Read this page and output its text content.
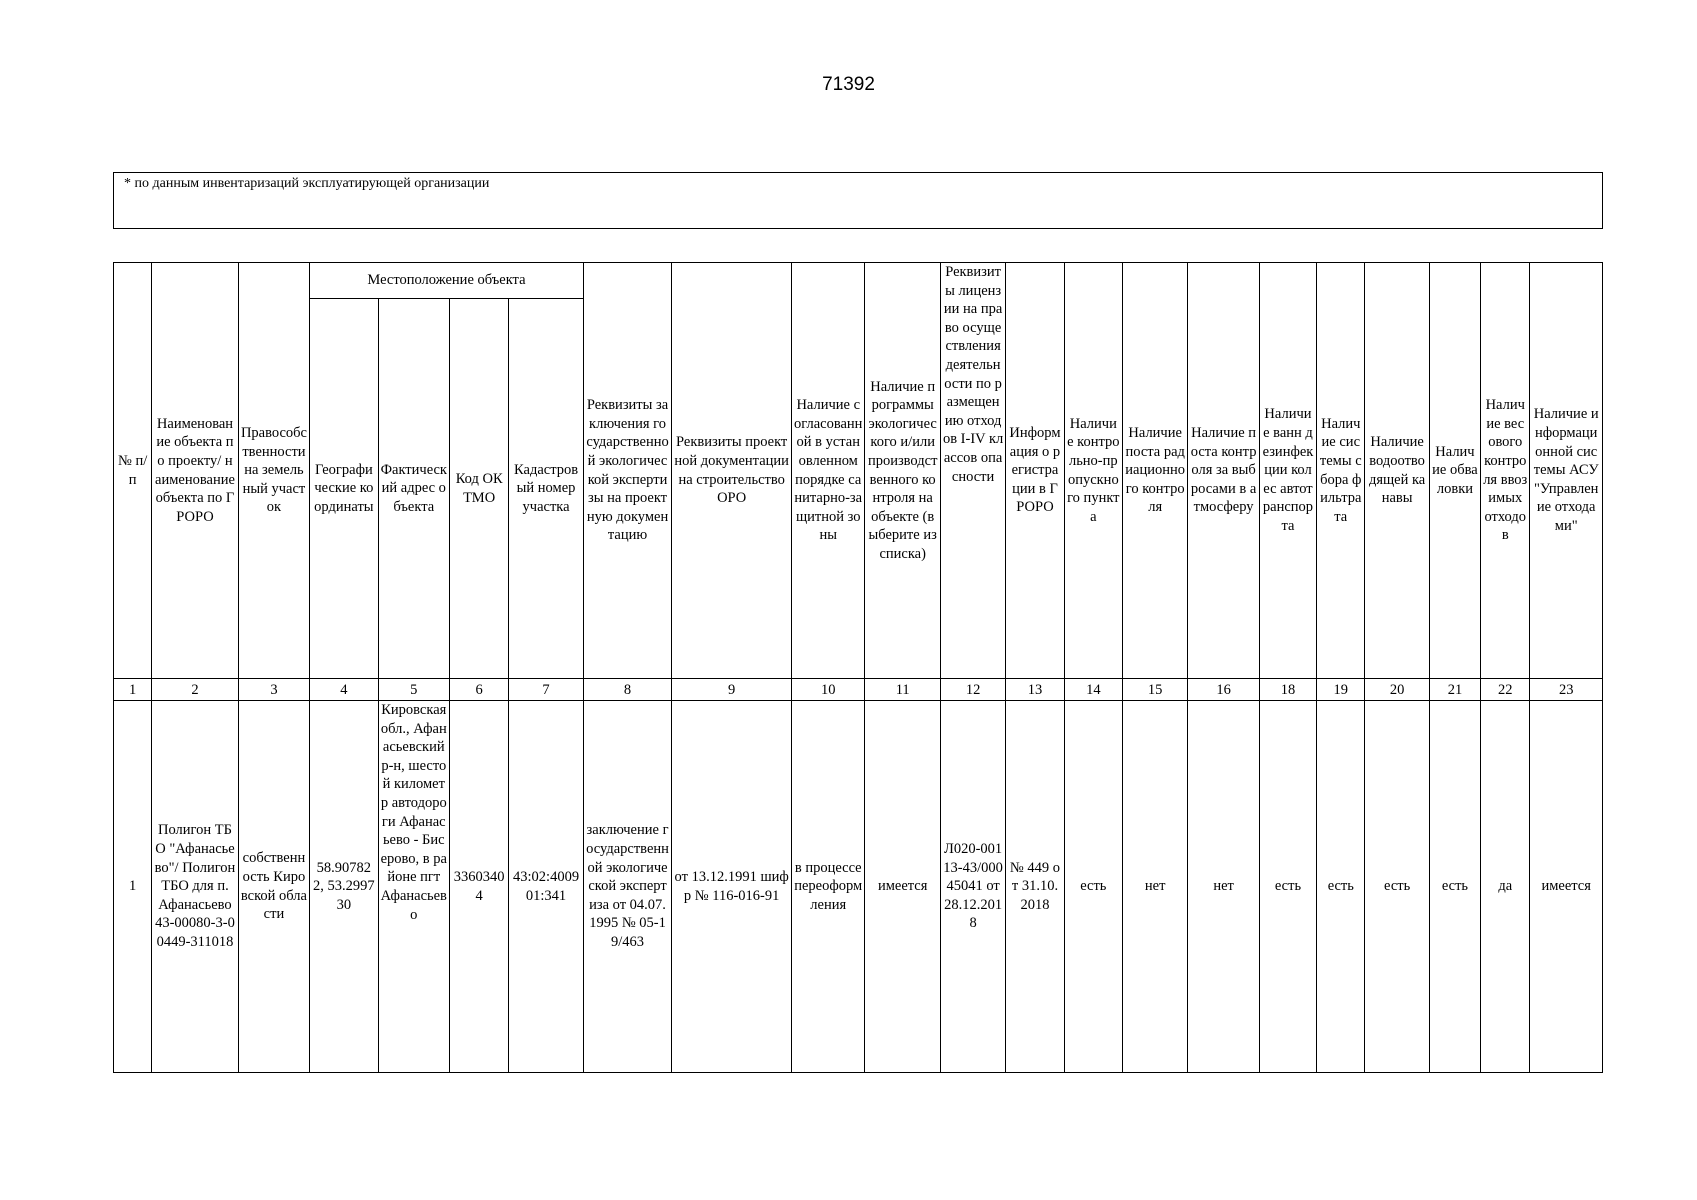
71392
* по данным инвентаризаций эксплуатирующей организации
№ п/п	Наименование объекта по проекту/ наименование объекта по ГРОРО	Правособственности на земельный участок	Местоположение объекта				Реквизиты заключения государственной экологической экспертизы на проектную документацию	Реквизиты проектной документации на строительство ОРО	Наличие согласованной в установленном порядке санитарно-защитной зоны	Наличие программы экологического и/или производственного контроля на объекте (выберите из списка)	Реквизиты лицензии на право осуществления деятельности по размещению отходов I-IV классов опасности	Информация о регистрации в ГРОРО	Наличие контрольно-пропускного пункта	Наличие поста радиационного контроля	Наличие поста контроля за выбросами в атмосферу	Наличие ванн дезинфекции колес автотранспорта	Наличие системы сбора фильтрата	Наличие водоотводящей канавы	Наличие обваловки	Наличие весового контроля ввозимых отходов	Наличие информационной системы АСУ "Управление отходами"
			Географические координаты	Фактический адрес объекта	Код ОКТМО	Кадастровый номер участка															
1	2	3	4	5	6	7	8	9	10	11	12	13	14	15	16	18	19	20	21	22	23
1	Полигон ТБО "Афанасьево"/ Полигон ТБО для п. Афанасьево 43-00080-3-00449-311018	собственность Кировской области	58.907822, 53.299730	Кировская обл., Афанасьевский р-н, шестой километр автодороги Афанасьево - Бисерово, в районе пгт Афанасьево	33603404	43:02:400901:341	заключение государственной экологической экспертиза от 04.07.1995 № 05-19/463	от 13.12.1991 шифр № 116-016-91	в процессе переоформления	имеется	Л020-00113-43/00045041 от 28.12.2018	№ 449 от 31.10.2018	есть	нет	нет	есть	есть	есть	есть	да	имеется
